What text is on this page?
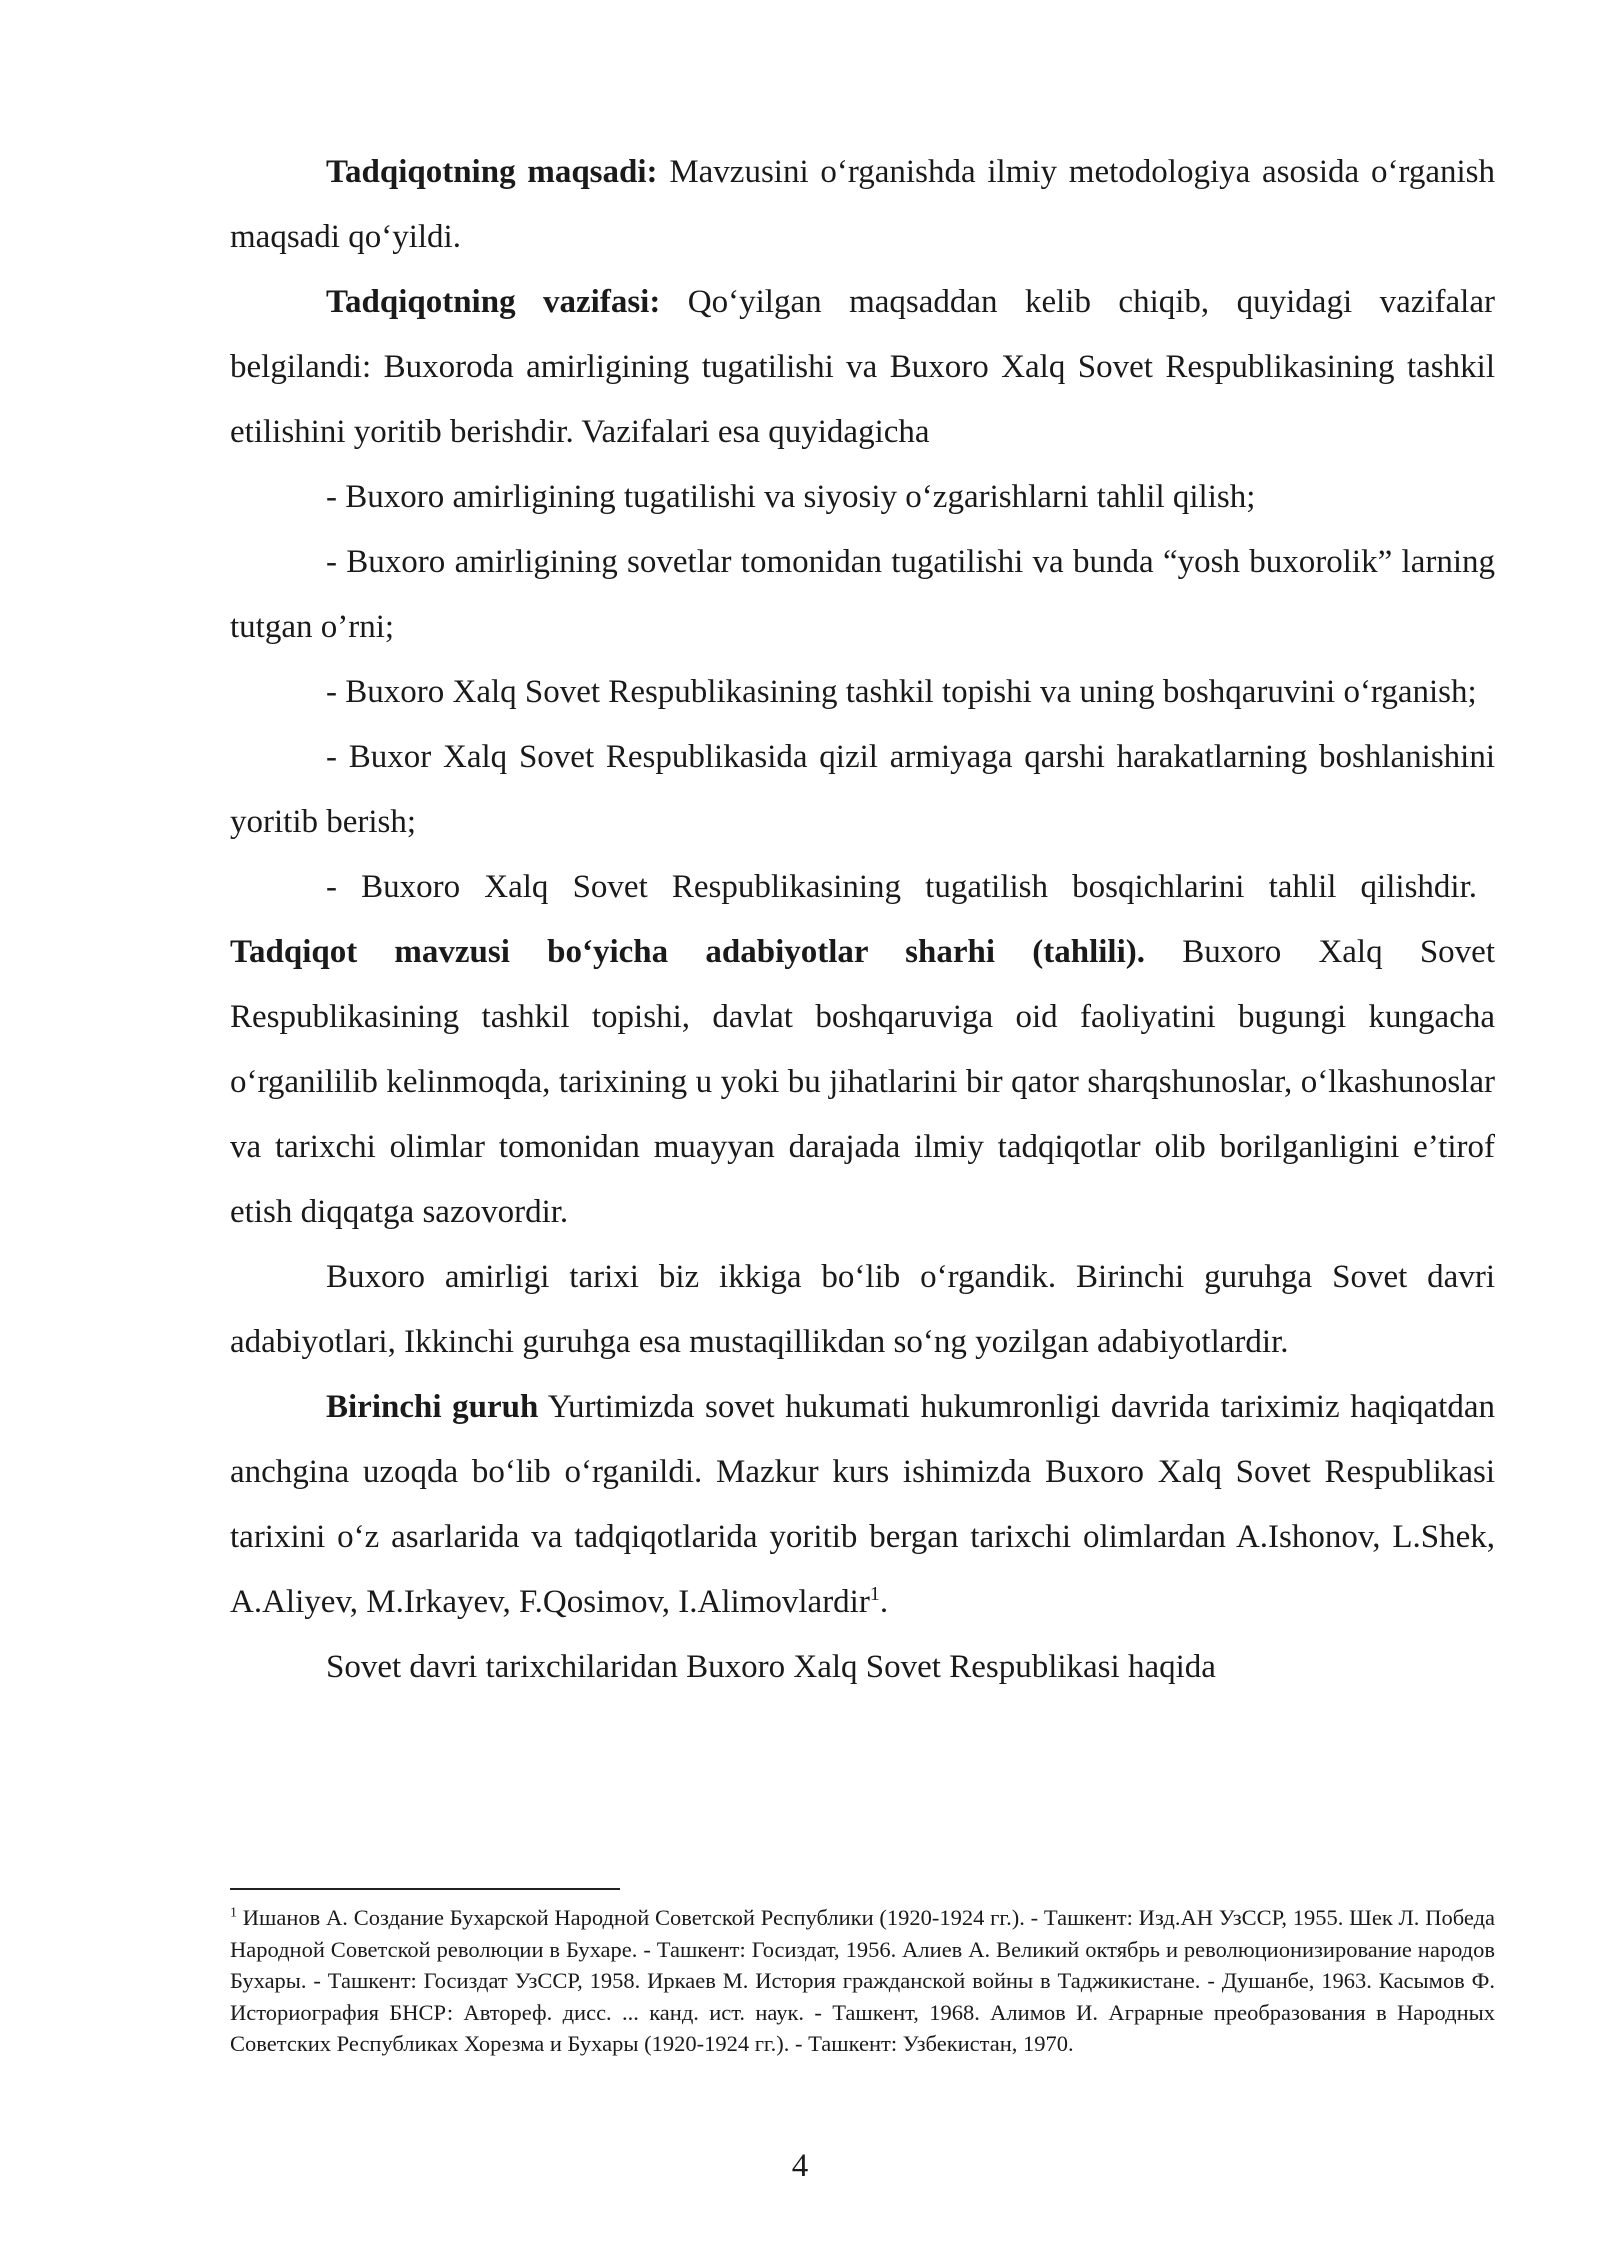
Tadqiqotning maqsadi: Mavzusini oʻrganishda ilmiy metodologiya asosida oʻrganish maqsadi qoʻyildi.

Tadqiqotning vazifasi: Qoʻyilgan maqsaddan kelib chiqib, quyidagi vazifalar belgilandi: Buxoroda amirligining tugatilishi va Buxoro Xalq Sovet Respublikasining tashkil etilishini yoritib berishdir. Vazifalari esa quyidagicha

- Buxoro amirligining tugatilishi va siyosiy oʻzgarishlarni tahlil qilish;

- Buxoro amirligining sovetlar tomonidan tugatilishi va bunda “yosh buxorolik” larning tutgan o’rni;

- Buxoro Xalq Sovet Respublikasining tashkil topishi va uning boshqaruvini oʻrganish;

- Buxor Xalq Sovet Respublikasida qizil armiyaga qarshi harakatlarning boshlanishini yoritib berish;

- Buxoro Xalq Sovet Respublikasining tugatilish bosqichlarini tahlil qilishdir. Tadqiqot mavzusi boʻyicha adabiyotlar sharhi (tahlili). Buxoro Xalq Sovet Respublikasining tashkil topishi, davlat boshqaruviga oid faoliyatini bugungi kungacha oʻrganililib kelinmoqda, tarixining u yoki bu jihatlarini bir qator sharqshunoslar, oʻlkashunoslar va tarixchi olimlar tomonidan muayyan darajada ilmiy tadqiqotlar olib borilganligini e’tirof etish diqqatga sazovordir.

Buxoro amirligi tarixi biz ikkiga boʻlib oʻrgandik. Birinchi guruhga Sovet davri adabiyotlari, Ikkinchi guruhga esa mustaqillikdan soʻng yozilgan adabiyotlardir.

Birinchi guruh Yurtimizda sovet hukumati hukumronligi davrida tariximiz haqiqatdan anchgina uzoqda boʻlib oʻrganildi. Mazkur kurs ishimizda Buxoro Xalq Sovet Respublikasi tarixini oʻz asarlarida va tadqiqotlarida yoritib bergan tarixchi olimlardan A.Ishonov, L.Shek, A.Aliyev, M.Irkayev, F.Qosimov, I.Alimovlardir$^1$.

Sovet davri tarixchilaridan Buxoro Xalq Sovet Respublikasi haqida

$^1$ Ишанов А. Создание Бухарской Народной Советской Республики (1920-1924 гг.). - Ташкент: Изд.АН УзССР, 1955. Шек Л. Победа Народной Советской революции в Бухаре. - Ташкент: Госиздат, 1956. Алиев А. Великий октябрь и революционизирование народов Бухары. - Ташкент: Госиздат УзССР, 1958. Иркаев М. История гражданской войны в Таджикистане. - Душанбе, 1963. Касымов Ф. Историография БНСР: Автореф. дисс. ... канд. ист. наук. - Ташкент, 1968. Алимов И. Аграрные преобразования в Народных Советских Республиках Хорезма и Бухары (1920-1924 гг.). - Ташкент: Узбекистан, 1970.
4
